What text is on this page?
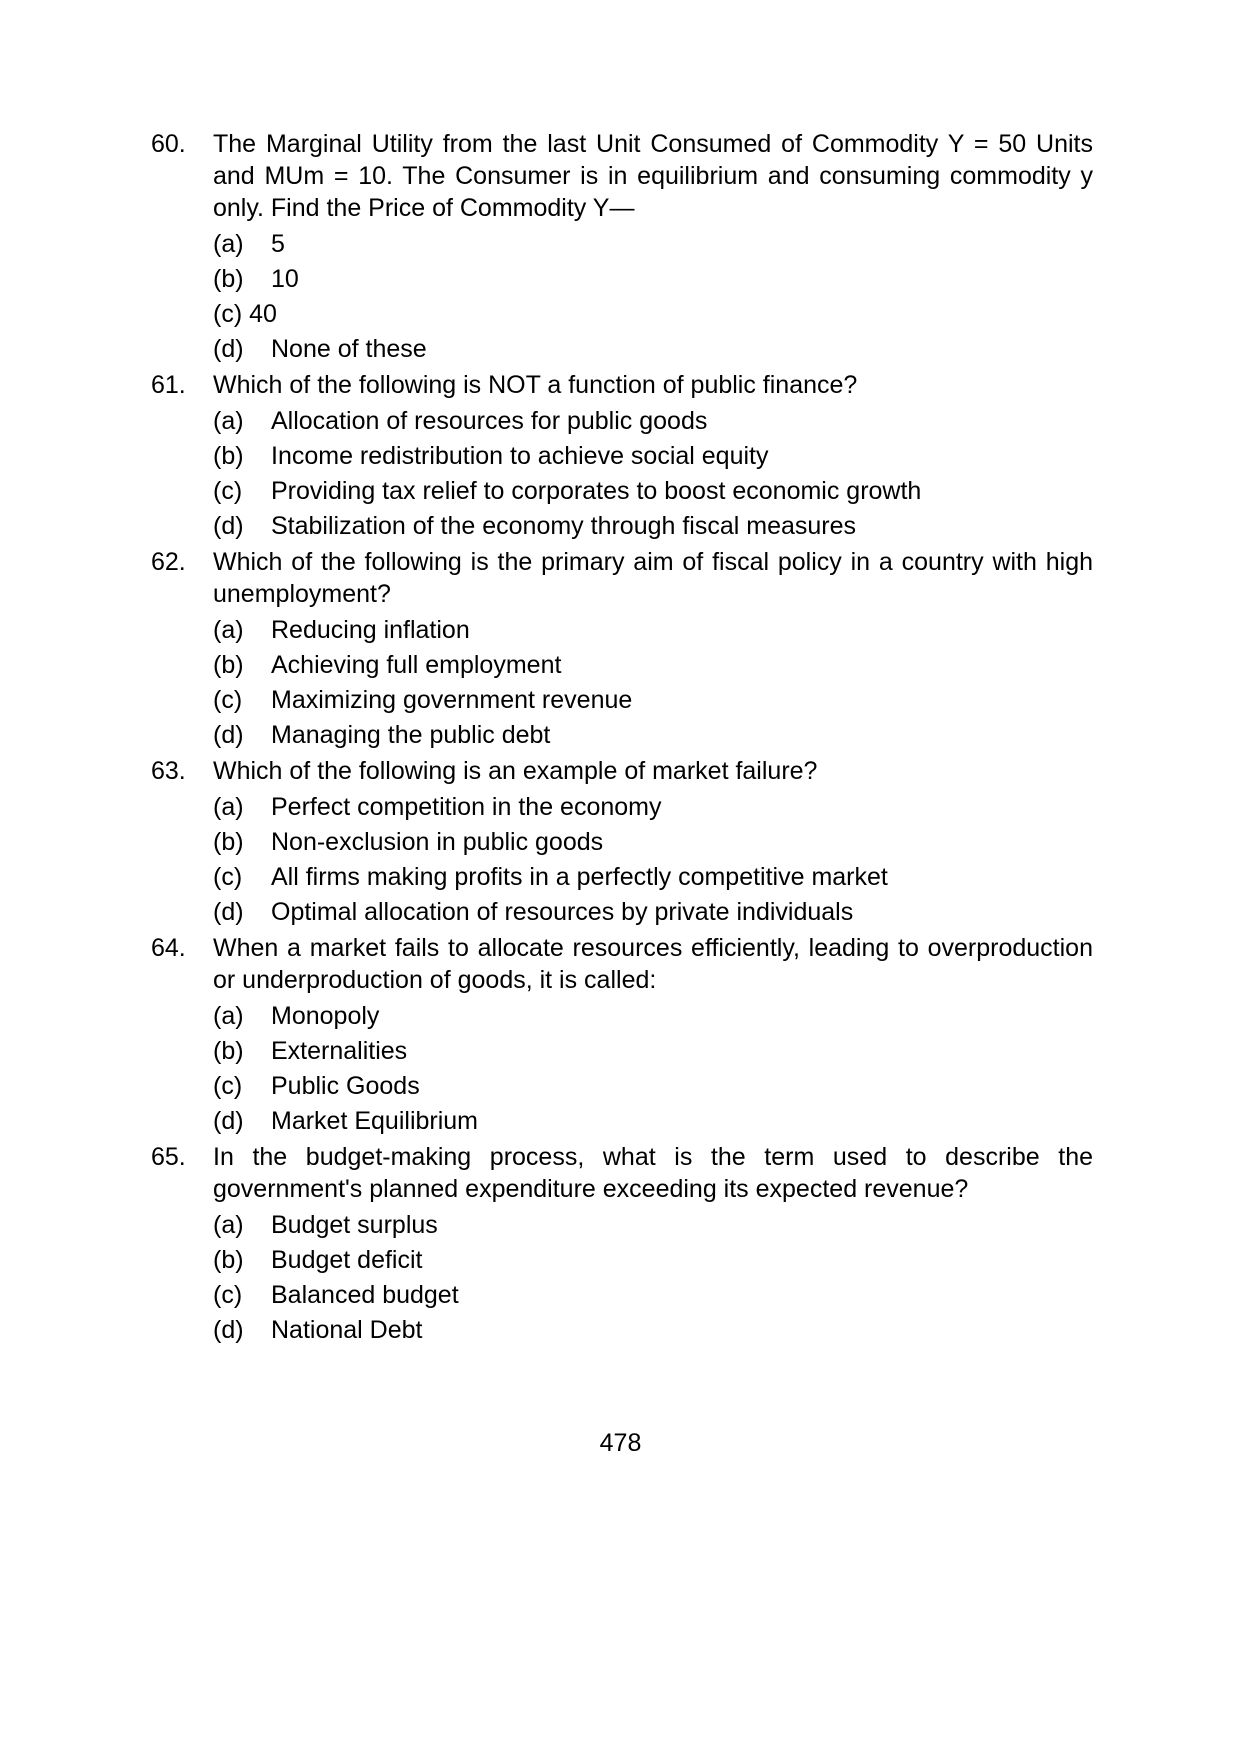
60.	The Marginal Utility from the last Unit Consumed of Commodity Y = 50 Units and MUm = 10. The Consumer is in equilibrium and consuming commodity y only. Find the Price of Commodity Y—

(a)	5
(b)	10
(c) 40
(d)	None of these
61.	Which of the following is NOT a function of public finance?

(a)	Allocation of resources for public goods
(b)	Income redistribution to achieve social equity
(c)	Providing tax relief to corporates to boost economic growth
(d)	Stabilization of the economy through fiscal measures
62.	Which of the following is the primary aim of fiscal policy in a country with high unemployment?

(a)	Reducing inflation
(b)	Achieving full employment
(c)	Maximizing government revenue
(d)	Managing the public debt
63.	Which of the following is an example of market failure?

(a)	Perfect competition in the economy
(b)	Non-exclusion in public goods
(c)	All firms making profits in a perfectly competitive market
(d)	Optimal allocation of resources by private individuals
64.	When a market fails to allocate resources efficiently, leading to overproduction or underproduction of goods, it is called:

(a)	Monopoly
(b)	Externalities
(c)	Public Goods
(d)	Market Equilibrium
65.	In the budget-making process, what is the term used to describe the government's planned expenditure exceeding its expected revenue?

(a)	Budget surplus
(b)	Budget deficit
(c)	Balanced budget
(d)	National Debt
478
